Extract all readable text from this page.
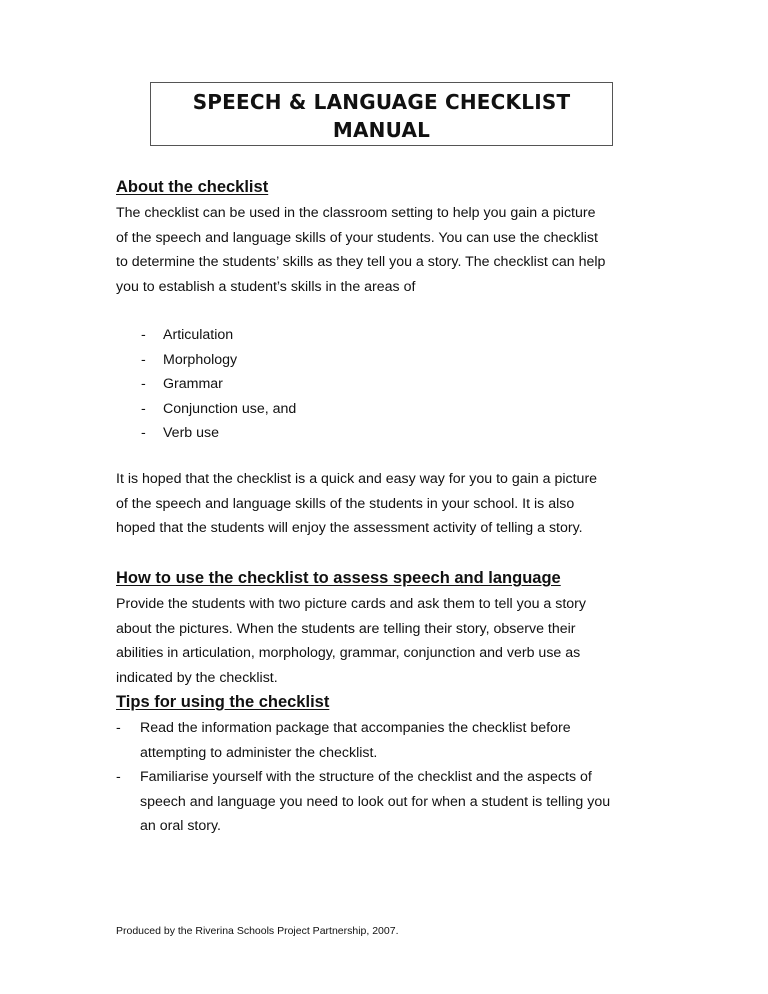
SPEECH & LANGUAGE CHECKLIST
MANUAL
About the checklist
The checklist can be used in the classroom setting to help you gain a picture
of the speech and language skills of your students. You can use the checklist
to determine the students’ skills as they tell you a story. The checklist can help
you to establish a student’s skills in the areas of
- Articulation
- Morphology
- Grammar
- Conjunction use, and
- Verb use
It is hoped that the checklist is a quick and easy way for you to gain a picture
of the speech and language skills of the students in your school. It is also
hoped that the students will enjoy the assessment activity of telling a story.
How to use the checklist to assess speech and language
Provide the students with two picture cards and ask them to tell you a story
about the pictures. When the students are telling their story, observe their
abilities in articulation, morphology, grammar, conjunction and verb use as
indicated by the checklist.
Tips for using the checklist
- Read the information package that accompanies the checklist before
attempting to administer the checklist.
- Familiarise yourself with the structure of the checklist and the aspects of
speech and language you need to look out for when a student is telling you
an oral story.
Produced by the Riverina Schools Project Partnership, 2007.
